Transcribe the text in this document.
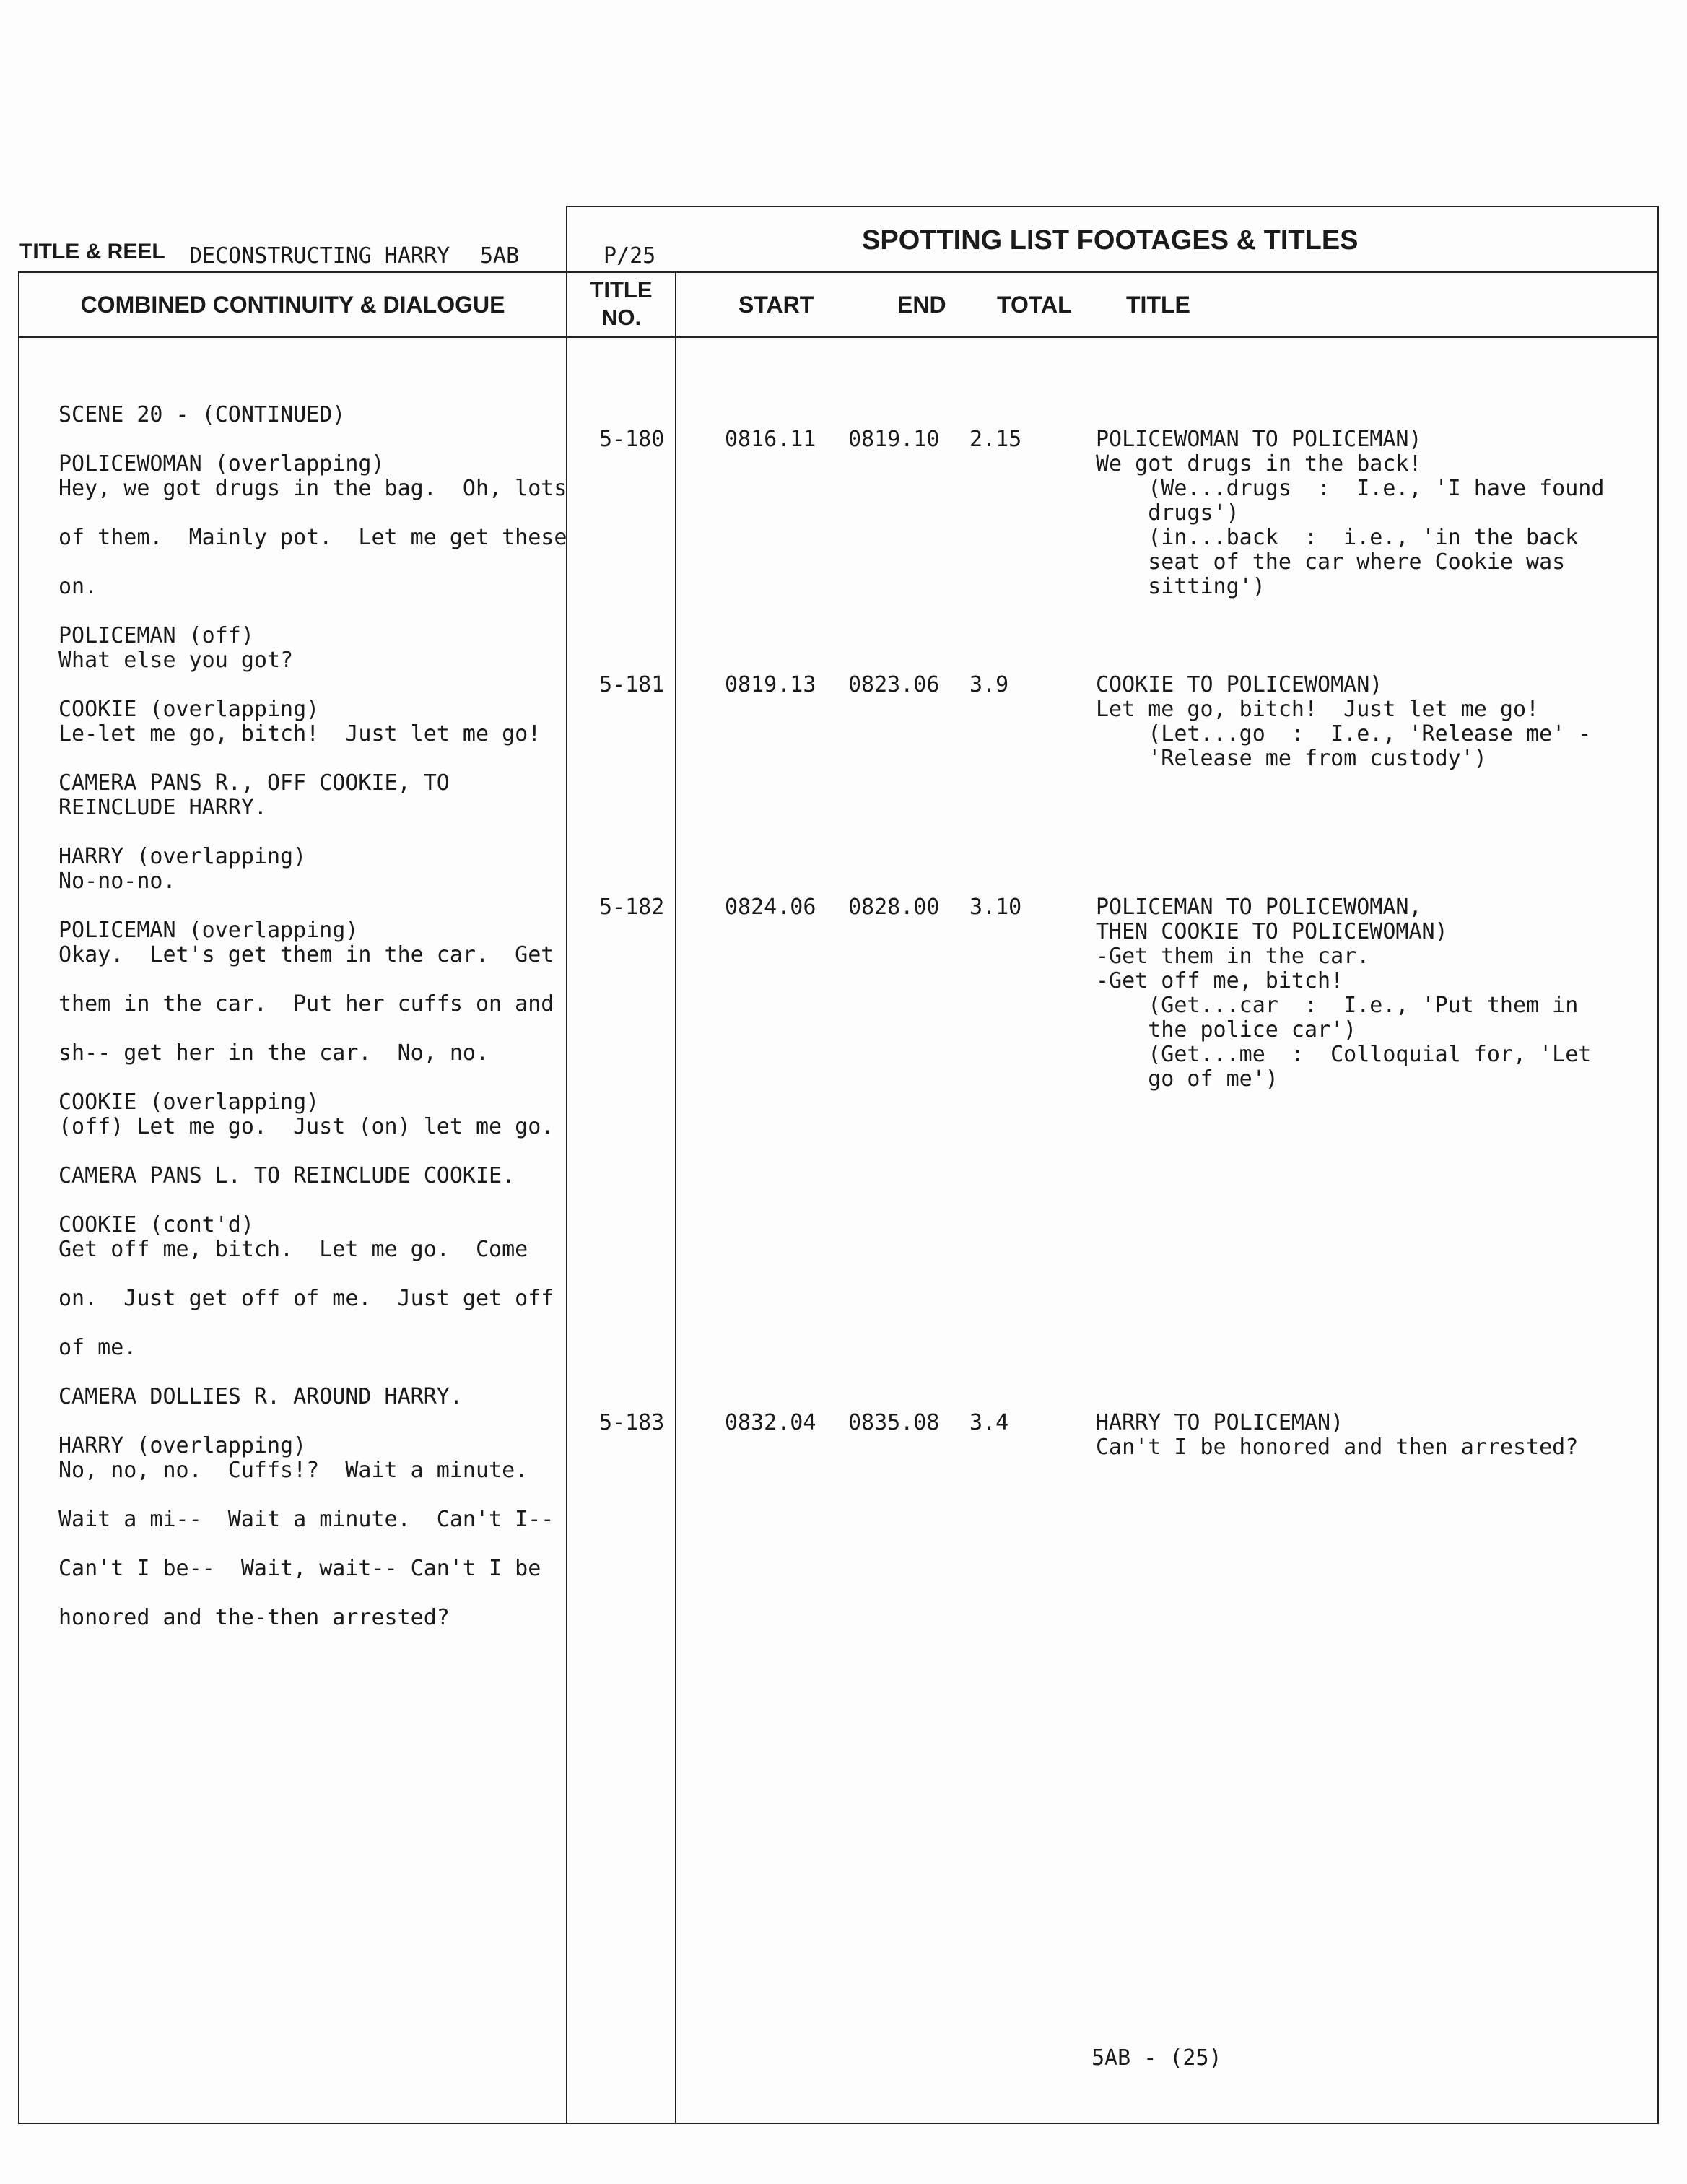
TITLE & REEL DECONSTRUCTING HARRY 5AB	P/25
SPOTTING LIST FOOTAGES & TITLES
COMBINED CONTINUITY & DIALOGUE
TITLE
NO.	START	END TOTAL TITLE
SCENE 20 - (CONTINUED)
POLICEWOMAN (overlapping)
Hey, we got drugs in the bag.  Oh, lots
of them.  Mainly pot.  Let me get these
on.
POLICEMAN (off)
What else you got?
COOKIE (overlapping)
Le-let me go, bitch!  Just let me go!
CAMERA PANS R., OFF COOKIE, TO
REINCLUDE HARRY.
HARRY (overlapping)
No-no-no.
POLICEMAN (overlapping)
Okay.  Let's get them in the car.  Get
them in the car.  Put her cuffs on and
sh-- get her in the car.  No, no.
COOKIE (overlapping)
(off) Let me go.  Just (on) let me go.
CAMERA PANS L. TO REINCLUDE COOKIE.
COOKIE (cont'd)
Get off me, bitch.  Let me go.  Come
on.  Just get off of me.  Just get off
of me.
CAMERA DOLLIES R. AROUND HARRY.
HARRY (overlapping)
No, no, no.  Cuffs!?  Wait a minute.
Wait a mi--  Wait a minute.  Can't I--
Can't I be--  Wait, wait-- Can't I be
honored and the-then arrested?
5-180	0816.11 0819.10 2.15	POLICEWOMAN TO POLICEMAN)
We got drugs in the back!
(We...drugs  :  I.e., 'I have found
drugs')
(in...back  :  i.e., 'in the back
seat of the car where Cookie was
sitting')
5-181	0819.13 0823.06 3.9	COOKIE TO POLICEWOMAN)
Let me go, bitch!  Just let me go!
(Let...go  :  I.e., 'Release me' -
'Release me from custody')
5-182	0824.06 0828.00 3.10	POLICEMAN TO POLICEWOMAN,
THEN COOKIE TO POLICEWOMAN)
-Get them in the car.
-Get off me, bitch!
(Get...car  :  I.e., 'Put them in
the police car')
(Get...me  :  Colloquial for, 'Let
go of me')
5-183	0832.04 0835.08 3.4	HARRY TO POLICEMAN)
Can't I be honored and then arrested?
5AB - (25)
